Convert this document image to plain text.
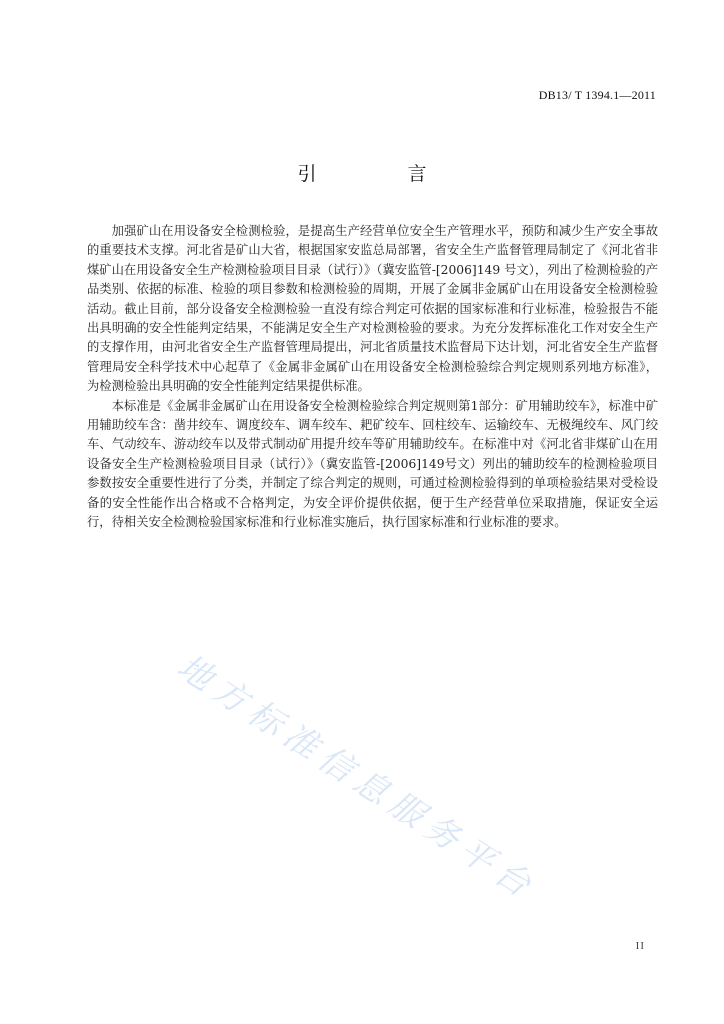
DB13/ T 1394.1—2011
引　言

加强矿山在用设备安全检测检验，是提高生产经营单位安全生产管理水平，预防和减少生产安全事故的重要技术支撑。河北省是矿山大省，根据国家安监总局部署，省安全生产监督管理局制定了《河北省非煤矿山在用设备安全生产检测检验项目目录（试行）》（冀安监管-[2006]149 号文），列出了检测检验的产品类别、依据的标准、检验的项目参数和检测检验的周期，开展了金属非金属矿山在用设备安全检测检验活动。截止目前，部分设备安全检测检验一直没有综合判定可依据的国家标准和行业标准，检验报告不能出具明确的安全性能判定结果，不能满足安全生产对检测检验的要求。为充分发挥标准化工作对安全生产的支撑作用，由河北省安全生产监督管理局提出，河北省质量技术监督局下达计划，河北省安全生产监督管理局安全科学技术中心起草了《金属非金属矿山在用设备安全检测检验综合判定规则系列地方标准》，为检测检验出具明确的安全性能判定结果提供标准。

本标准是《金属非金属矿山在用设备安全检测检验综合判定规则第1部分：矿用辅助绞车》，标准中矿用辅助绞车含：凿井绞车、调度绞车、调车绞车、耙矿绞车、回柱绞车、运输绞车、无极绳绞车、风门绞车、气动绞车、游动绞车以及带式制动矿用提升绞车等矿用辅助绞车。在标准中对《河北省非煤矿山在用设备安全生产检测检验项目目录（试行）》（冀安监管-[2006]149号文）列出的辅助绞车的检测检验项目参数按安全重要性进行了分类，并制定了综合判定的规则，可通过检测检验得到的单项检验结果对受检设备的安全性能作出合格或不合格判定，为安全评价提供依据，便于生产经营单位采取措施，保证安全运行，待相关安全检测检验国家标准和行业标准实施后，执行国家标准和行业标准的要求。

地方标准信息服务平台
II
